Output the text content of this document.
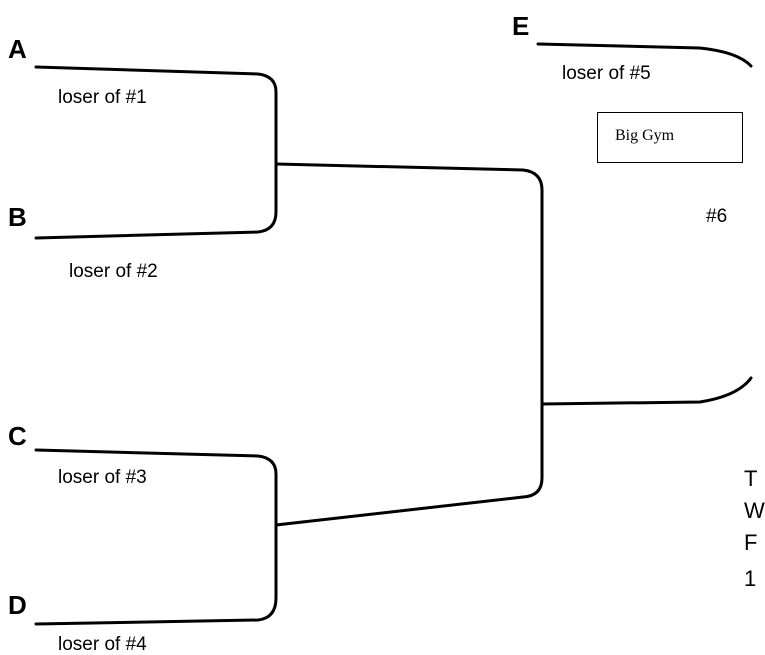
A
B
C
D
E
loser of #1
loser of #2
loser of #3
loser of #4
loser of #5
#6
Big Gym
T
W
F
1
